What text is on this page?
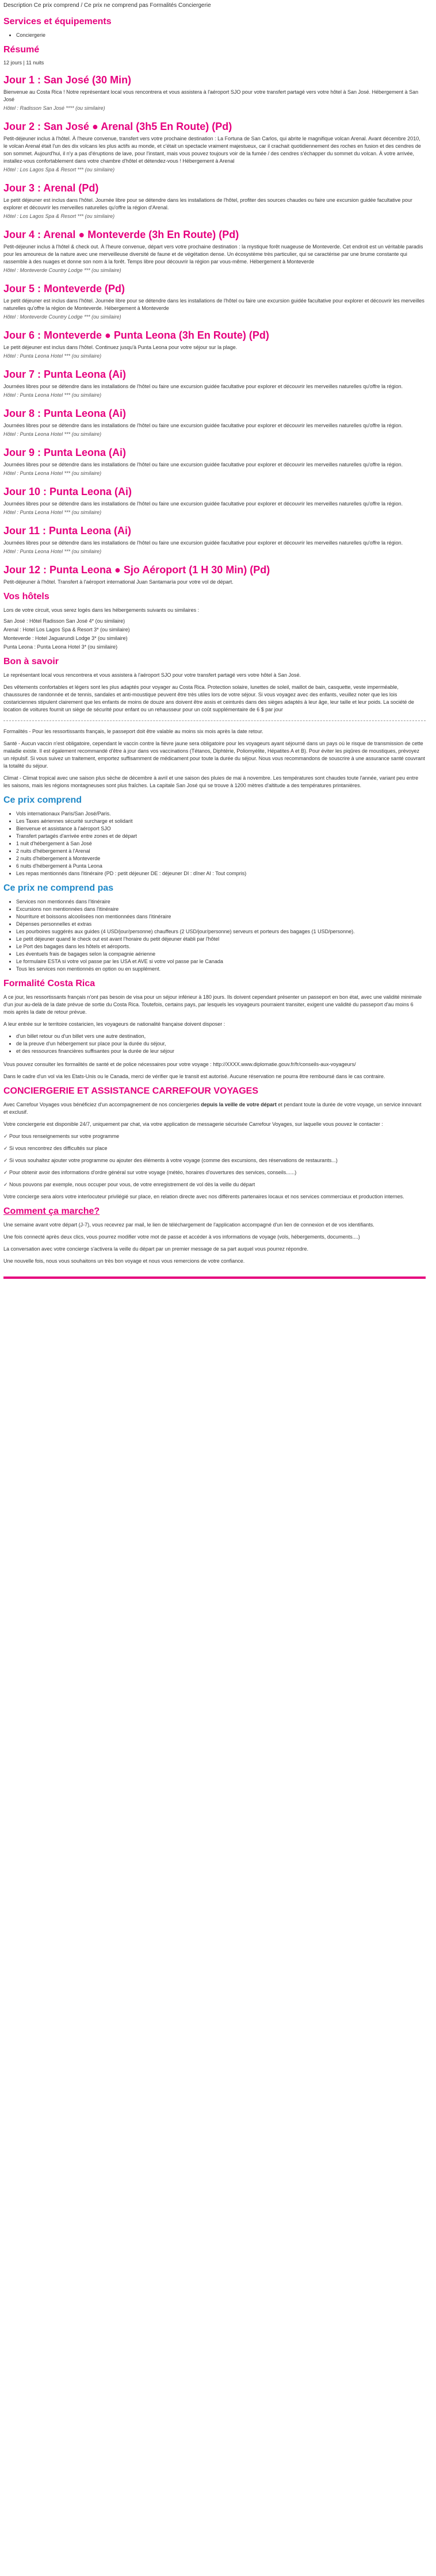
Description Ce prix comprend / Ce prix ne comprend pas Formalités Conciergerie
Services et équipements
• Conciergerie
Résumé
12 jours | 11 nuits
Jour 1 : San José (30 Min)
Bienvenue au Costa Rica ! Notre représentant local vous rencontrera et vous assistera à l'aéroport SJO pour votre transfert partagé vers votre hôtel à San José. Hébergement à San José
Hôtel : Radisson San José **** (ou similaire)
Jour 2 : San José ● Arenal (3h5 En Route) (Pd)
Petit-déjeuner inclus à l'hôtel. À l'heure convenue, transfert vers votre prochaine destination : La Fortuna de San Carlos, qui abrite le magnifique volcan Arenal. Avant décembre 2010, le volcan Arenal était l'un des dix volcans les plus actifs au monde, et c'était un spectacle vraiment majestueux, car il crachait quotidiennement des roches en fusion et des cendres de son sommet. Aujourd'hui, il n'y a pas d'éruptions de lave, pour l'instant, mais vous pouvez toujours voir de la fumée / des cendres s'échapper du sommet du volcan. À votre arrivée, installez-vous confortablement dans votre chambre d'hôtel et détendez-vous ! Hébergement à Arenal
Hôtel : Los Lagos Spa & Resort *** (ou similaire)
Jour 3 : Arenal (Pd)
Le petit déjeuner est inclus dans l'hôtel. Journée libre pour se détendre dans les installations de l'hôtel, profiter des sources chaudes ou faire une excursion guidée facultative pour explorer et découvrir les merveilles naturelles qu'offre la région d'Arenal.
Hôtel : Los Lagos Spa & Resort *** (ou similaire)
Jour 4 : Arenal ● Monteverde (3h En Route) (Pd)
Petit-déjeuner inclus à l'hôtel & check out. À l'heure convenue, départ vers votre prochaine destination : la mystique forêt nuageuse de Monteverde. Cet endroit est un véritable paradis pour les amoureux de la nature avec une merveilleuse diversité de faune et de végétation dense. Un écosystème très particulier, qui se caractérise par une brume constante qui rassemble à des nuages et donne son nom à la forêt. Temps libre pour découvrir la région par vous-même. Hébergement à Monteverde
Hôtel : Monteverde Country Lodge *** (ou similaire)
Jour 5 : Monteverde (Pd)
Le petit déjeuner est inclus dans l'hôtel. Journée libre pour se détendre dans les installations de l'hôtel ou faire une excursion guidée facultative pour explorer et découvrir les merveilles naturelles qu'offre la région de Monteverde. Hébergement à Monteverde
Hôtel : Monteverde Country Lodge *** (ou similaire)
Jour 6 : Monteverde ● Punta Leona (3h En Route) (Pd)
Le petit déjeuner est inclus dans l'hôtel. Continuez jusqu'à Punta Leona pour votre séjour sur la plage.
Hôtel : Punta Leona Hotel *** (ou similaire)
Jour 7 : Punta Leona (Ai)
Journées libres pour se détendre dans les installations de l'hôtel ou faire une excursion guidée facultative pour explorer et découvrir les merveilles naturelles qu'offre la région.
Hôtel : Punta Leona Hotel *** (ou similaire)
Jour 8 : Punta Leona (Ai)
Journées libres pour se détendre dans les installations de l'hôtel ou faire une excursion guidée facultative pour explorer et découvrir les merveilles naturelles qu'offre la région.
Hôtel : Punta Leona Hotel *** (ou similaire)
Jour 9 : Punta Leona (Ai)
Journées libres pour se détendre dans les installations de l'hôtel ou faire une excursion guidée facultative pour explorer et découvrir les merveilles naturelles qu'offre la région.
Hôtel : Punta Leona Hotel *** (ou similaire)
Jour 10 : Punta Leona (Ai)
Journées libres pour se détendre dans les installations de l'hôtel ou faire une excursion guidée facultative pour explorer et découvrir les merveilles naturelles qu'offre la région.
Hôtel : Punta Leona Hotel *** (ou similaire)
Jour 11 : Punta Leona (Ai)
Journées libres pour se détendre dans les installations de l'hôtel ou faire une excursion guidée facultative pour explorer et découvrir les merveilles naturelles qu'offre la région.
Hôtel : Punta Leona Hotel *** (ou similaire)
Jour 12 : Punta Leona ● Sjo Aéroport (1 H 30 Min) (Pd)
Petit-déjeuner à l'hôtel. Transfert à l'aéroport international Juan Santamaría pour votre vol de départ.
Vos hôtels

Lors de votre circuit, vous serez logés dans les hébergements suivants ou similaires :

San José : Hôtel Radisson San José 4* (ou similaire)

Arenal : Hotel Los Lagos Spa & Resort 3* (ou similaire)

Monteverde : Hotel Jaguarundi Lodge 3* (ou similaire)

Punta Leona : Punta Leona Hotel 3* (ou similaire)

Bon à savoir

Le représentant local vous rencontrera et vous assistera à l'aéroport SJO pour votre transfert partagé vers votre hôtel à San José.

Des vêtements confortables et légers sont les plus adaptés pour voyager au Costa Rica. Protection solaire, lunettes de soleil, maillot de bain, casquette, veste imperméable, chaussures de randonnée et de tennis, sandales et anti-moustique peuvent être très utiles lors de votre séjour. Si vous voyagez avec des enfants, veuillez noter que les lois costariciennes stipulent clairement que les enfants de moins de douze ans doivent être assis et ceinturés dans des sièges adaptés à leur âge, leur taille et leur poids. La société de location de voitures fournit un siège de sécurité pour enfant ou un rehausseur pour un coût supplémentaire de 6 $ par jour

Formalités - Pour les ressortissants français, le passeport doit être valable au moins six mois après la date retour.

Santé - Aucun vaccin n'est obligatoire, cependant le vaccin contre la fièvre jaune sera obligatoire pour les voyageurs ayant séjourné dans un pays où le risque de transmission de cette maladie existe. Il est également recommandé d'être à jour dans vos vaccinations (Tétanos, Diphtérie, Poliomyélite, Hépatites A et B). Pour éviter les piqûres de moustiques, prévoyez un répulsif. Si vous suivez un traitement, emportez suffisamment de médicament pour toute la durée du séjour. Nous vous recommandons de souscrire à une assurance santé couvrant la totalité du séjour.

Climat - Climat tropical avec une saison plus sèche de décembre à avril et une saison des pluies de mai à novembre. Les températures sont chaudes toute l'année, variant peu entre les saisons, mais les régions montagneuses sont plus fraîches. La capitale San José qui se trouve à 1200 mètres d'altitude a des températures printanières.

Ce prix comprend
• Vols internationaux Paris/San José/Paris.
• Les Taxes aériennes sécurité surcharge et solidarit
• Bienvenue et assistance à l'aéroport SJO
• Transfert partagés d'arrivée entre zones et de départ
• 1 nuit d'hébergement à San José
• 2 nuits d'hébergement à l'Arenal
• 2 nuits d'hébergement à Monteverde
• 6 nuits d'hébergement à Punta Leona
• Les repas mentionnés dans l'itinéraire (PD : petit déjeuner DE : déjeuner DI : dîner AI : Tout compris)
Ce prix ne comprend pas
• Services non mentionnés dans l'itinéraire
• Excursions non mentionnées dans l'itinéraire
• Nourriture et boissons alcoolisées non mentionnées dans l'itinéraire
• Dépenses personnelles et extras
• Les pourboires suggérés aux guides (4 USD/jour/personne) chauffeurs (2 USD/jour/personne) serveurs et porteurs des bagages (1 USD/personne).
• Le petit déjeuner quand le check out est avant l'horaire du petit déjeuner établi par l'hôtel
• Le Port des bagages dans les hôtels et aéroports.
• Les éventuels frais de bagages selon la compagnie aérienne
• Le formulaire ESTA si votre vol passe par les USA et AVE si votre vol passe par le Canada
• Tous les services non mentionnés en option ou en supplément.
Formalité Costa Rica

A ce jour, les ressortissants français n'ont pas besoin de visa pour un séjour inférieur à 180 jours. Ils doivent cependant présenter un passeport en bon état, avec une validité minimale d'un jour au-delà de la date prévue de sortie du Costa Rica. Toutefois, certains pays, par lesquels les voyageurs pourraient transiter, exigent une validité du passeport d'au moins 6 mois après la date de retour prévue.

A leur entrée sur le territoire costaricien, les voyageurs de nationalité française doivent disposer :

• d'un billet retour ou d'un billet vers une autre destination,
• de la preuve d'un hébergement sur place pour la durée du séjour,
• et des ressources financières suffisantes pour la durée de leur séjour

Vous pouvez consulter les formalités de santé et de police nécessaires pour votre voyage : http://XXXX.www.diplomatie.gouv.fr/fr/conseils-aux-voyageurs/

Dans le cadre d'un vol via les Etats-Unis ou le Canada, merci de vérifier que le transit est autorisé. Aucune réservation ne pourra être remboursé dans le cas contraire.

CONCIERGERIE ET ASSISTANCE CARREFOUR VOYAGES

Avec Carrefour Voyages vous bénéficiez d'un accompagnement de nos conciergeries depuis la veille de votre départ et pendant toute la durée de votre voyage, un service innovant et exclusif.

Votre conciergerie est disponible 24/7, uniquement par chat, via votre application de messagerie sécurisée Carrefour Voyages, sur laquelle vous pouvez le contacter :

✓ Pour tous renseignements sur votre programme

✓ Si vous rencontrez des difficultés sur place

✓ Si vous souhaitez ajouter votre programme ou ajouter des éléments à votre voyage (comme des excursions, des réservations de restaurants...)

✓ Pour obtenir avoir des informations d'ordre général sur votre voyage (météo, horaires d'ouvertures des services, conseils......)

✓ Nous pouvons par exemple, nous occuper pour vous, de votre enregistrement de vol dès la veille du départ

Votre concierge sera alors votre interlocuteur privilégié sur place, en relation directe avec nos différents partenaires locaux et nos services commerciaux et production internes.

Comment ça marche?

Une semaine avant votre départ (J-7), vous recevrez par mail, le lien de téléchargement de l'application accompagné d'un lien de connexion et de vos identifiants.

Une fois connecté après deux clics, vous pourrez modifier votre mot de passe et accéder à vos informations de voyage (vols, hébergements, documents....)

La conversation avec votre concierge s'activera la veille du départ par un premier message de sa part auquel vous pourrez répondre.

Une nouvelle fois, nous vous souhaitons un très bon voyage et nous vous remercions de votre confiance.
